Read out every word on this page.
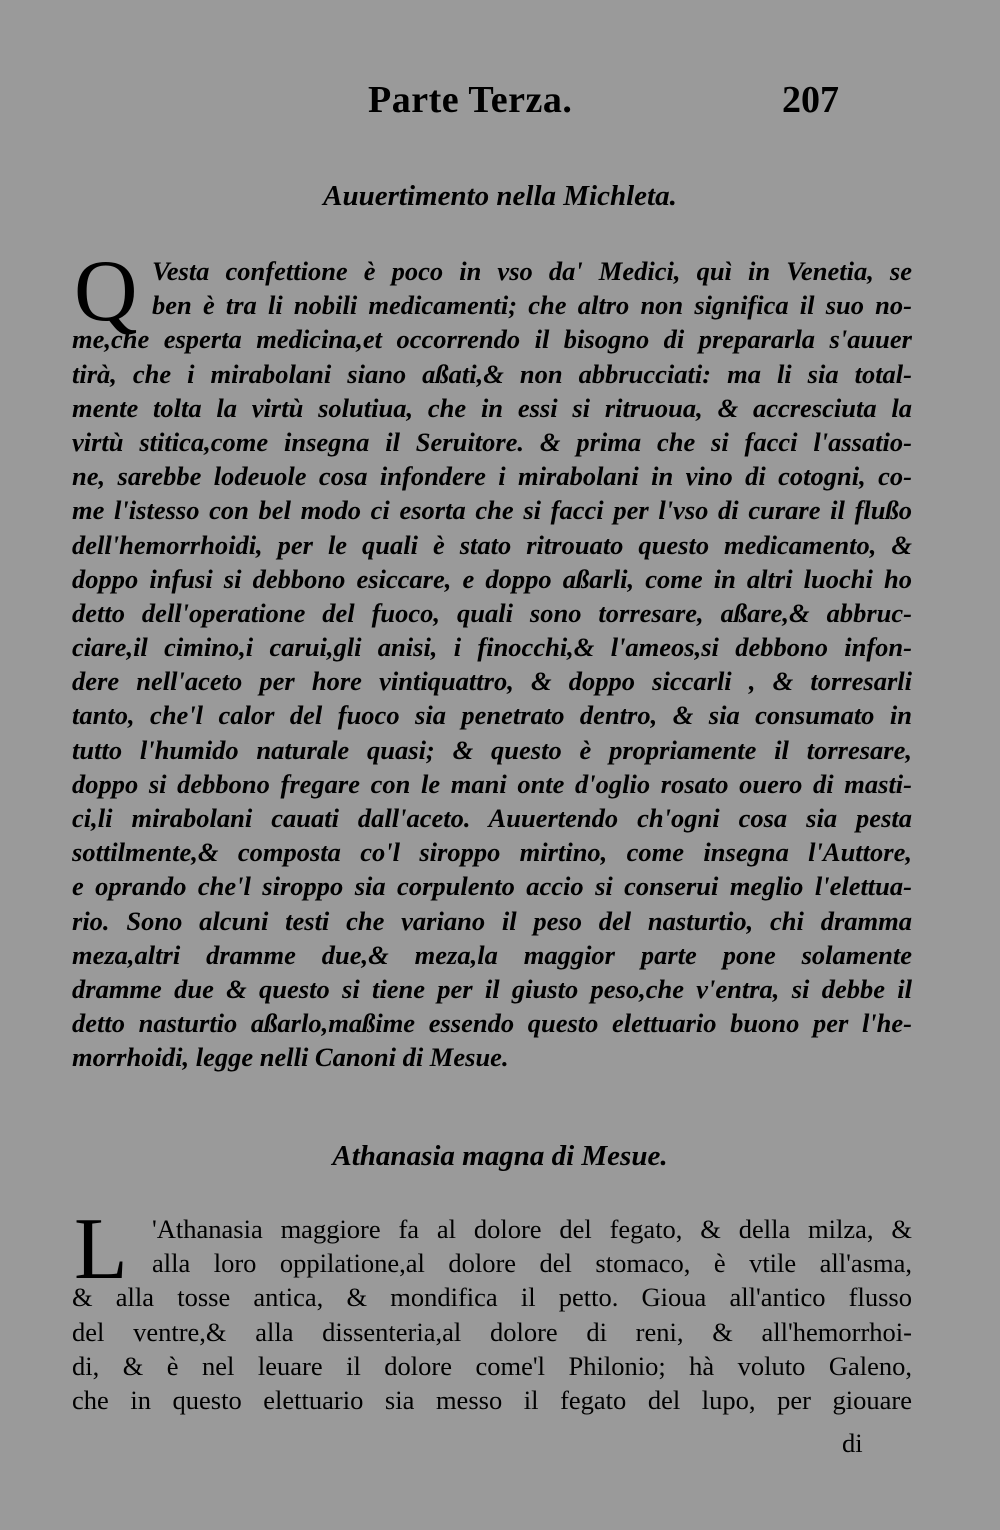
Parte Terza.	207
Auuertimento nella Michleta.
Q Vesta confettione è poco in vso da' Medici, quì in Venetia, se
ben è tra li nobili medicamenti; che altro non significa il suo no-
me,che esperta medicina,et occorrendo il bisogno di prepararla s'auuer
tirà, che i mirabolani siano aßati,& non abbrucciati: ma li sia total-
mente tolta la virtù solutiua, che in essi si ritruoua, & accresciuta la
virtù stitica,come insegna il Seruitore. & prima che si facci l'assatio-
ne, sarebbe lodeuole cosa infondere i mirabolani in vino di cotogni, co-
me l'istesso con bel modo ci esorta che si facci per l'vso di curare il flußo
dell'hemorrhoidi, per le quali è stato ritrouato questo medicamento, &
doppo infusi si debbono esiccare, e doppo aßarli, come in altri luochi ho
detto dell'operatione del fuoco, quali sono torresare, aßare,& abbruc-
ciare,il cimino,i carui,gli anisi, i finocchi,& l'ameos,si debbono infon-
dere nell'aceto per hore vintiquattro, & doppo siccarli , & torresarli
tanto, che'l calor del fuoco sia penetrato dentro, & sia consumato in
tutto l'humido naturale quasi; & questo è propriamente il torresare,
doppo si debbono fregare con le mani onte d'oglio rosato ouero di masti-
ci,li mirabolani cauati dall'aceto. Auuertendo ch'ogni cosa sia pesta
sottilmente,& composta co'l siroppo mirtino, come insegna l'Auttore,
e oprando che'l siroppo sia corpulento accio si conserui meglio l'elettua-
rio. Sono alcuni testi che variano il peso del nasturtio, chi dramma
meza,altri dramme due,& meza,la maggior parte pone solamente
dramme due & questo si tiene per il giusto peso,che v'entra, si debbe il
detto nasturtio aßarlo,maßime essendo questo elettuario buono per l'he-
morrhoidi, legge nelli Canoni di Mesue.
Athanasia magna di Mesue.
L 'Athanasia maggiore fa al dolore del fegato, & della milza, &
alla loro oppilatione,al dolore del stomaco, è vtile all'asma,
& alla tosse antica, & mondifica il petto. Gioua all'antico flusso
del ventre,& alla dissenteria,al dolore di reni, & all'hemorrhoi-
di, & è nel leuare il dolore come'l Philonio; hà voluto Galeno,
che in questo elettuario sia messo il fegato del lupo, per giouare
di
